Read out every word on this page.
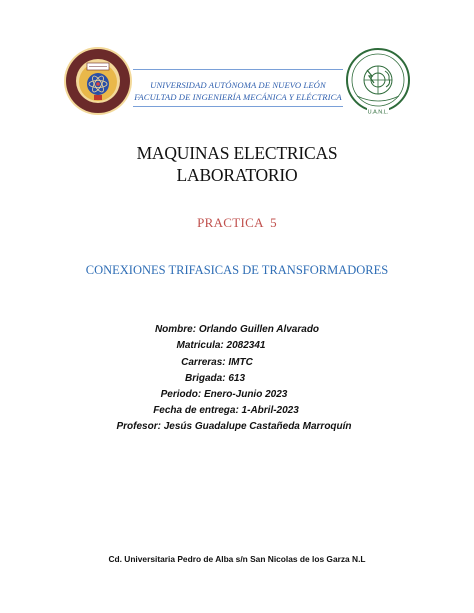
UNIVERSIDAD AUTÓNOMA DE NUEVO LEÓN
FACULTAD DE INGENIERÍA MECÁNICA Y ELÉCTRICA
U.A.N.L.
MAQUINAS ELECTRICAS
LABORATORIO
PRACTICA  5
CONEXIONES TRIFASICAS DE TRANSFORMADORES
Nombre: Orlando Guillen Alvarado
Matricula: 2082341
Carreras: IMTC
Brigada: 613
Periodo: Enero-Junio 2023
Fecha de entrega: 1-Abril-2023
Profesor: Jesús Guadalupe Castañeda Marroquín
Cd. Universitaria Pedro de Alba s/n San Nicolas de los Garza N.L
